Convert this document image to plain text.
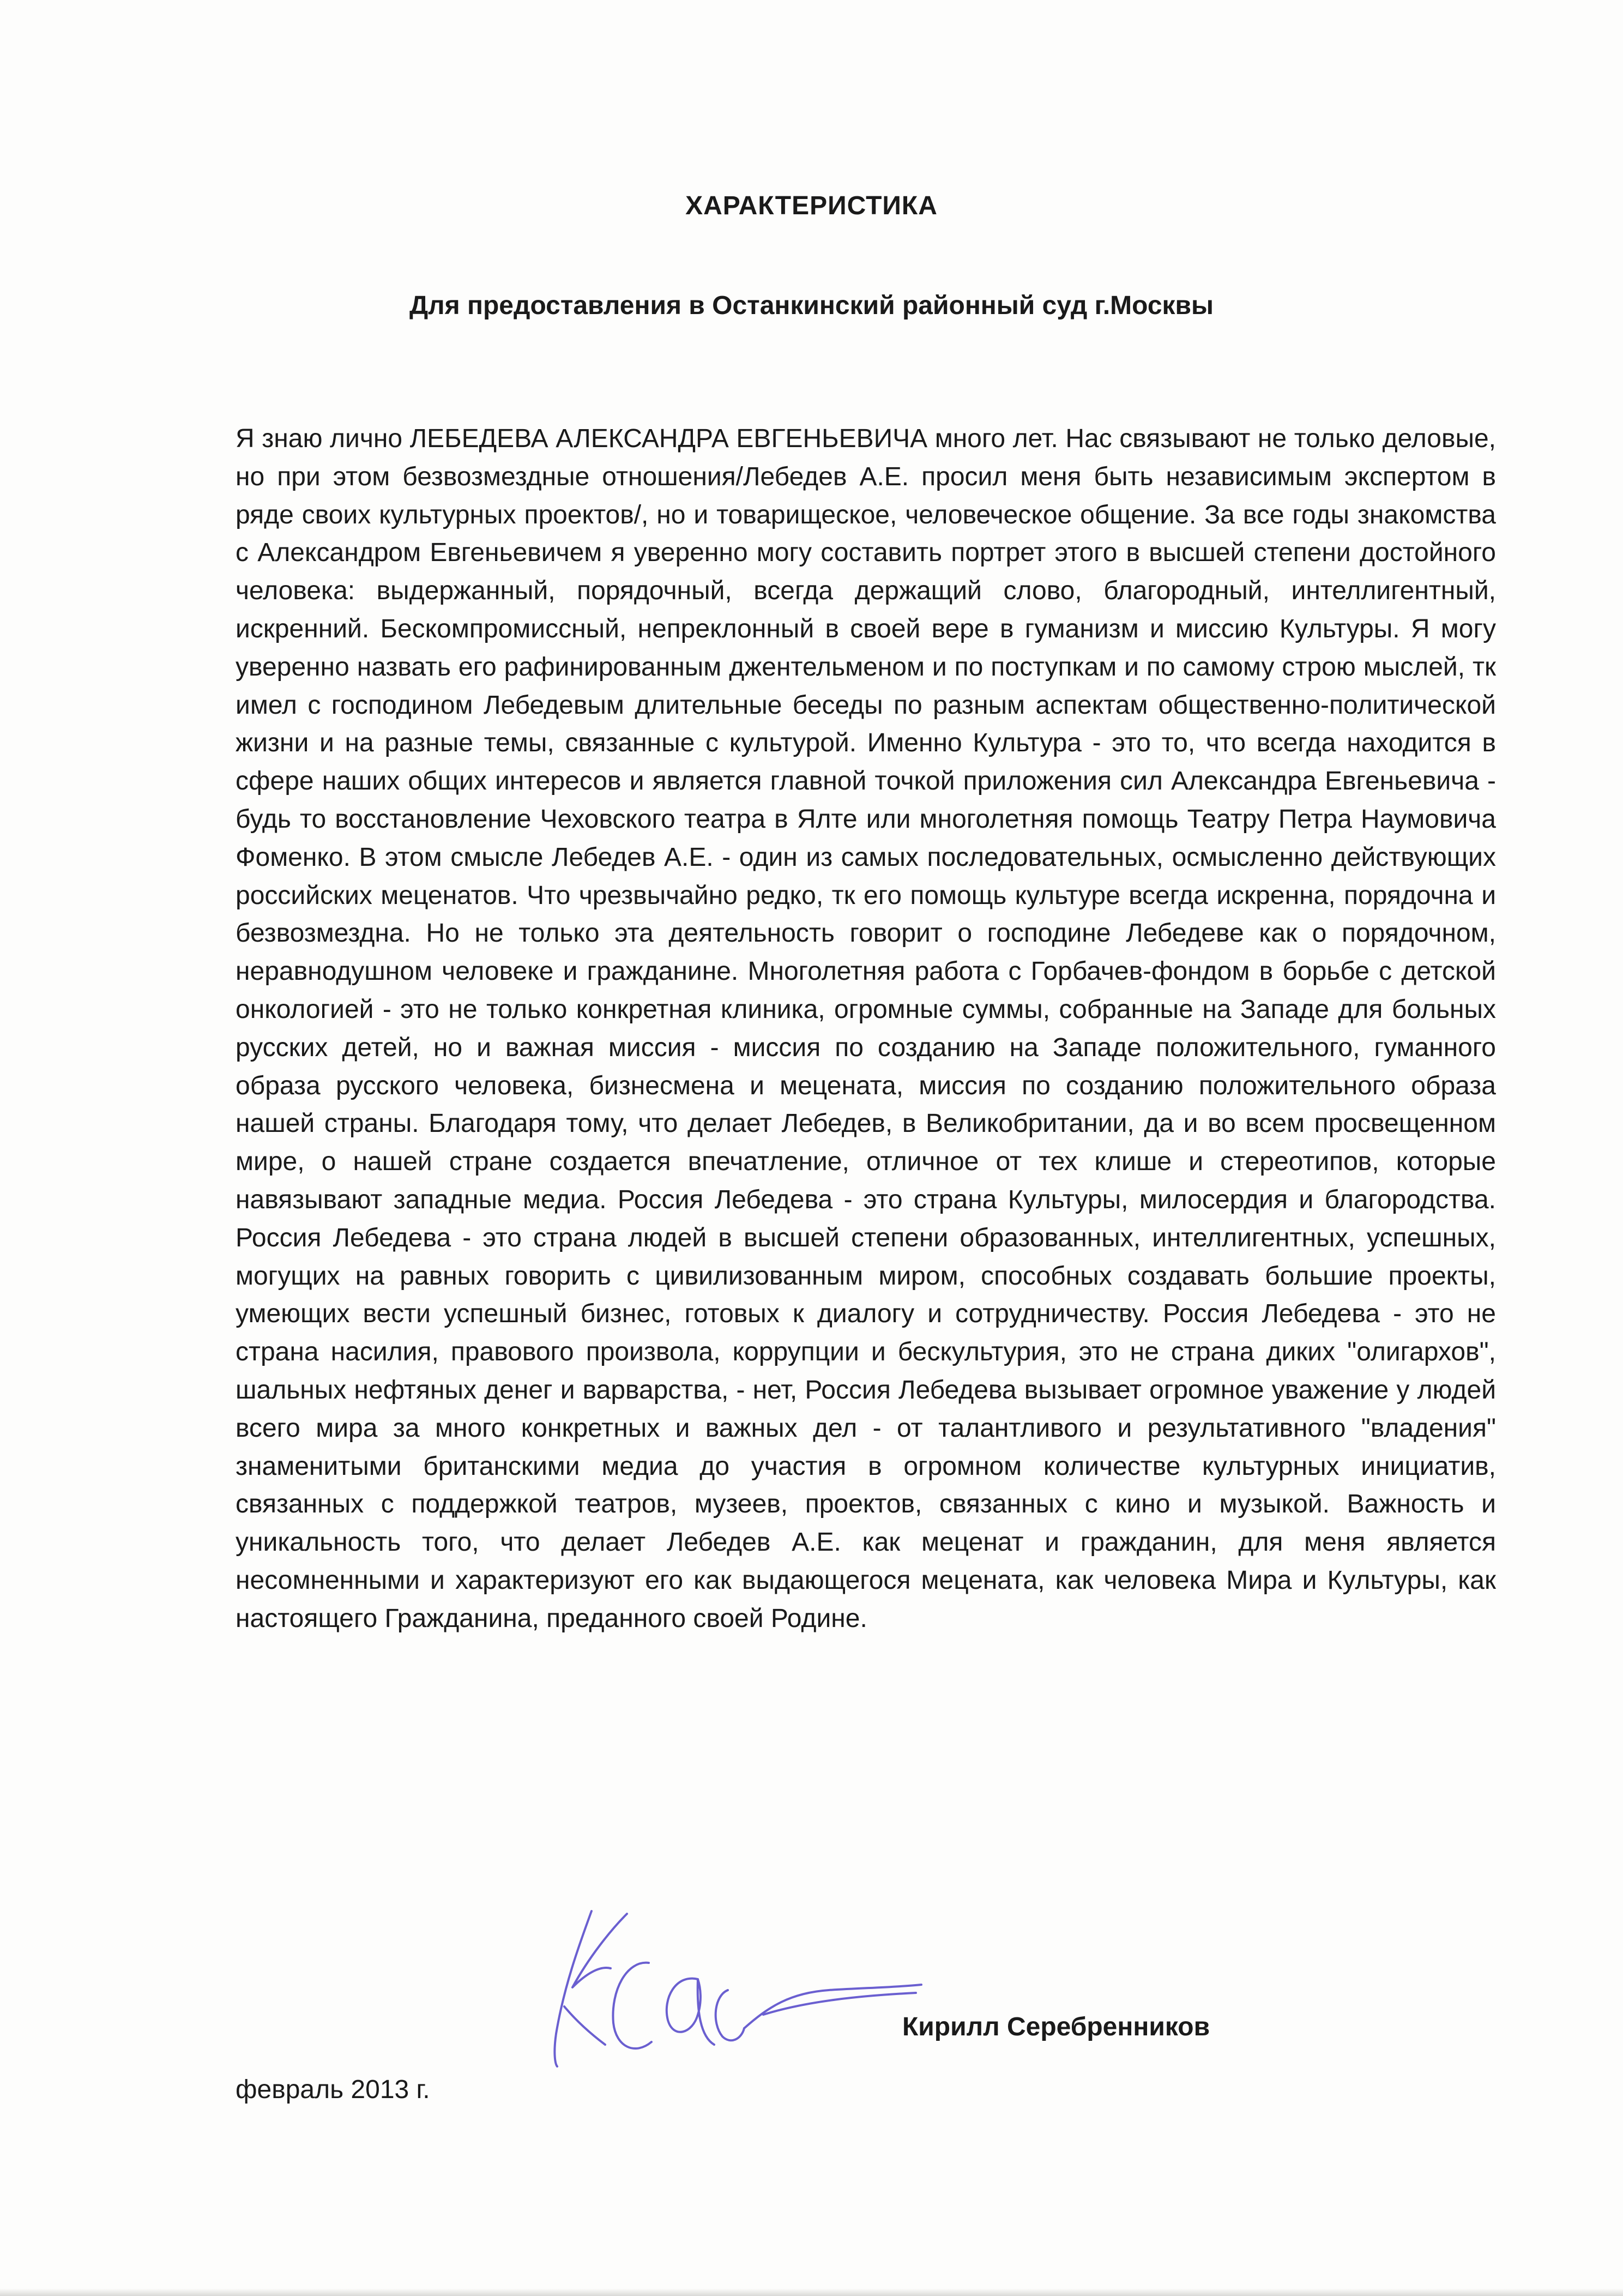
ХАРАКТЕРИСТИКА
Для предоставления в Останкинский районный суд г.Москвы

Я знаю лично ЛЕБЕДЕВА АЛЕКСАНДРА ЕВГЕНЬЕВИЧА много лет. Нас связывают не только деловые, но при этом безвозмездные отношения/Лебедев А.Е. просил меня быть независимым экспертом в ряде своих культурных проектов/, но и товарищеское, человеческое общение. За все годы знакомства с Александром Евгеньевичем я уверенно могу составить портрет этого в высшей степени достойного человека: выдержанный, порядочный, всегда держащий слово, благородный, интеллигентный, искренний. Бескомпромиссный, непреклонный в своей вере в гуманизм и миссию Культуры. Я могу уверенно назвать его рафинированным джентельменом и по поступкам и по самому строю мыслей, тк имел с господином Лебедевым длительные беседы по разным аспектам общественно-политической жизни и на разные темы, связанные с культурой. Именно Культура - это то, что всегда находится в сфере наших общих интересов и является главной точкой приложения сил Александра Евгеньевича - будь то восстановление Чеховского театра в Ялте или многолетняя помощь Театру Петра Наумовича Фоменко. В этом смысле Лебедев А.Е. - один из самых последовательных, осмысленно действующих российских меценатов. Что чрезвычайно редко, тк его помощь культуре всегда искренна, порядочна и безвозмездна. Но не только эта деятельность говорит о господине Лебедеве как о порядочном, неравнодушном человеке и гражданине. Многолетняя работа с Горбачев-фондом в борьбе с детской онкологией - это не только конкретная клиника, огромные суммы, собранные на Западе для больных русских детей, но и важная миссия - миссия по созданию на Западе положительного, гуманного образа русского человека, бизнесмена и мецената, миссия по созданию положительного образа нашей страны. Благодаря тому, что делает Лебедев, в Великобритании, да и во всем просвещенном мире, о нашей стране создается впечатление, отличное от тех клише и стереотипов, которые навязывают западные медиа. Россия Лебедева - это страна Культуры, милосердия и благородства. Россия Лебедева - это страна людей в высшей степени образованных, интеллигентных, успешных, могущих на равных говорить с цивилизованным миром, способных создавать большие проекты, умеющих вести успешный бизнес, готовых к диалогу и сотрудничеству. Россия Лебедева - это не страна насилия, правового произвола, коррупции и бескультурия, это не страна диких "олигархов", шальных нефтяных денег и варварства, - нет, Россия Лебедева вызывает огромное уважение у людей всего мира за много конкретных и важных дел - от талантливого и результативного "владения" знаменитыми британскими медиа до участия в огромном количестве культурных инициатив, связанных с поддержкой театров, музеев, проектов, связанных с кино и музыкой. Важность и уникальность того, что делает Лебедев А.Е. как меценат и гражданин, для меня является несомненными и характеризуют его как выдающегося мецената, как человека Мира и Культуры, как настоящего Гражданина, преданного своей Родине.

Кирилл Серебренников
февраль 2013 г.
